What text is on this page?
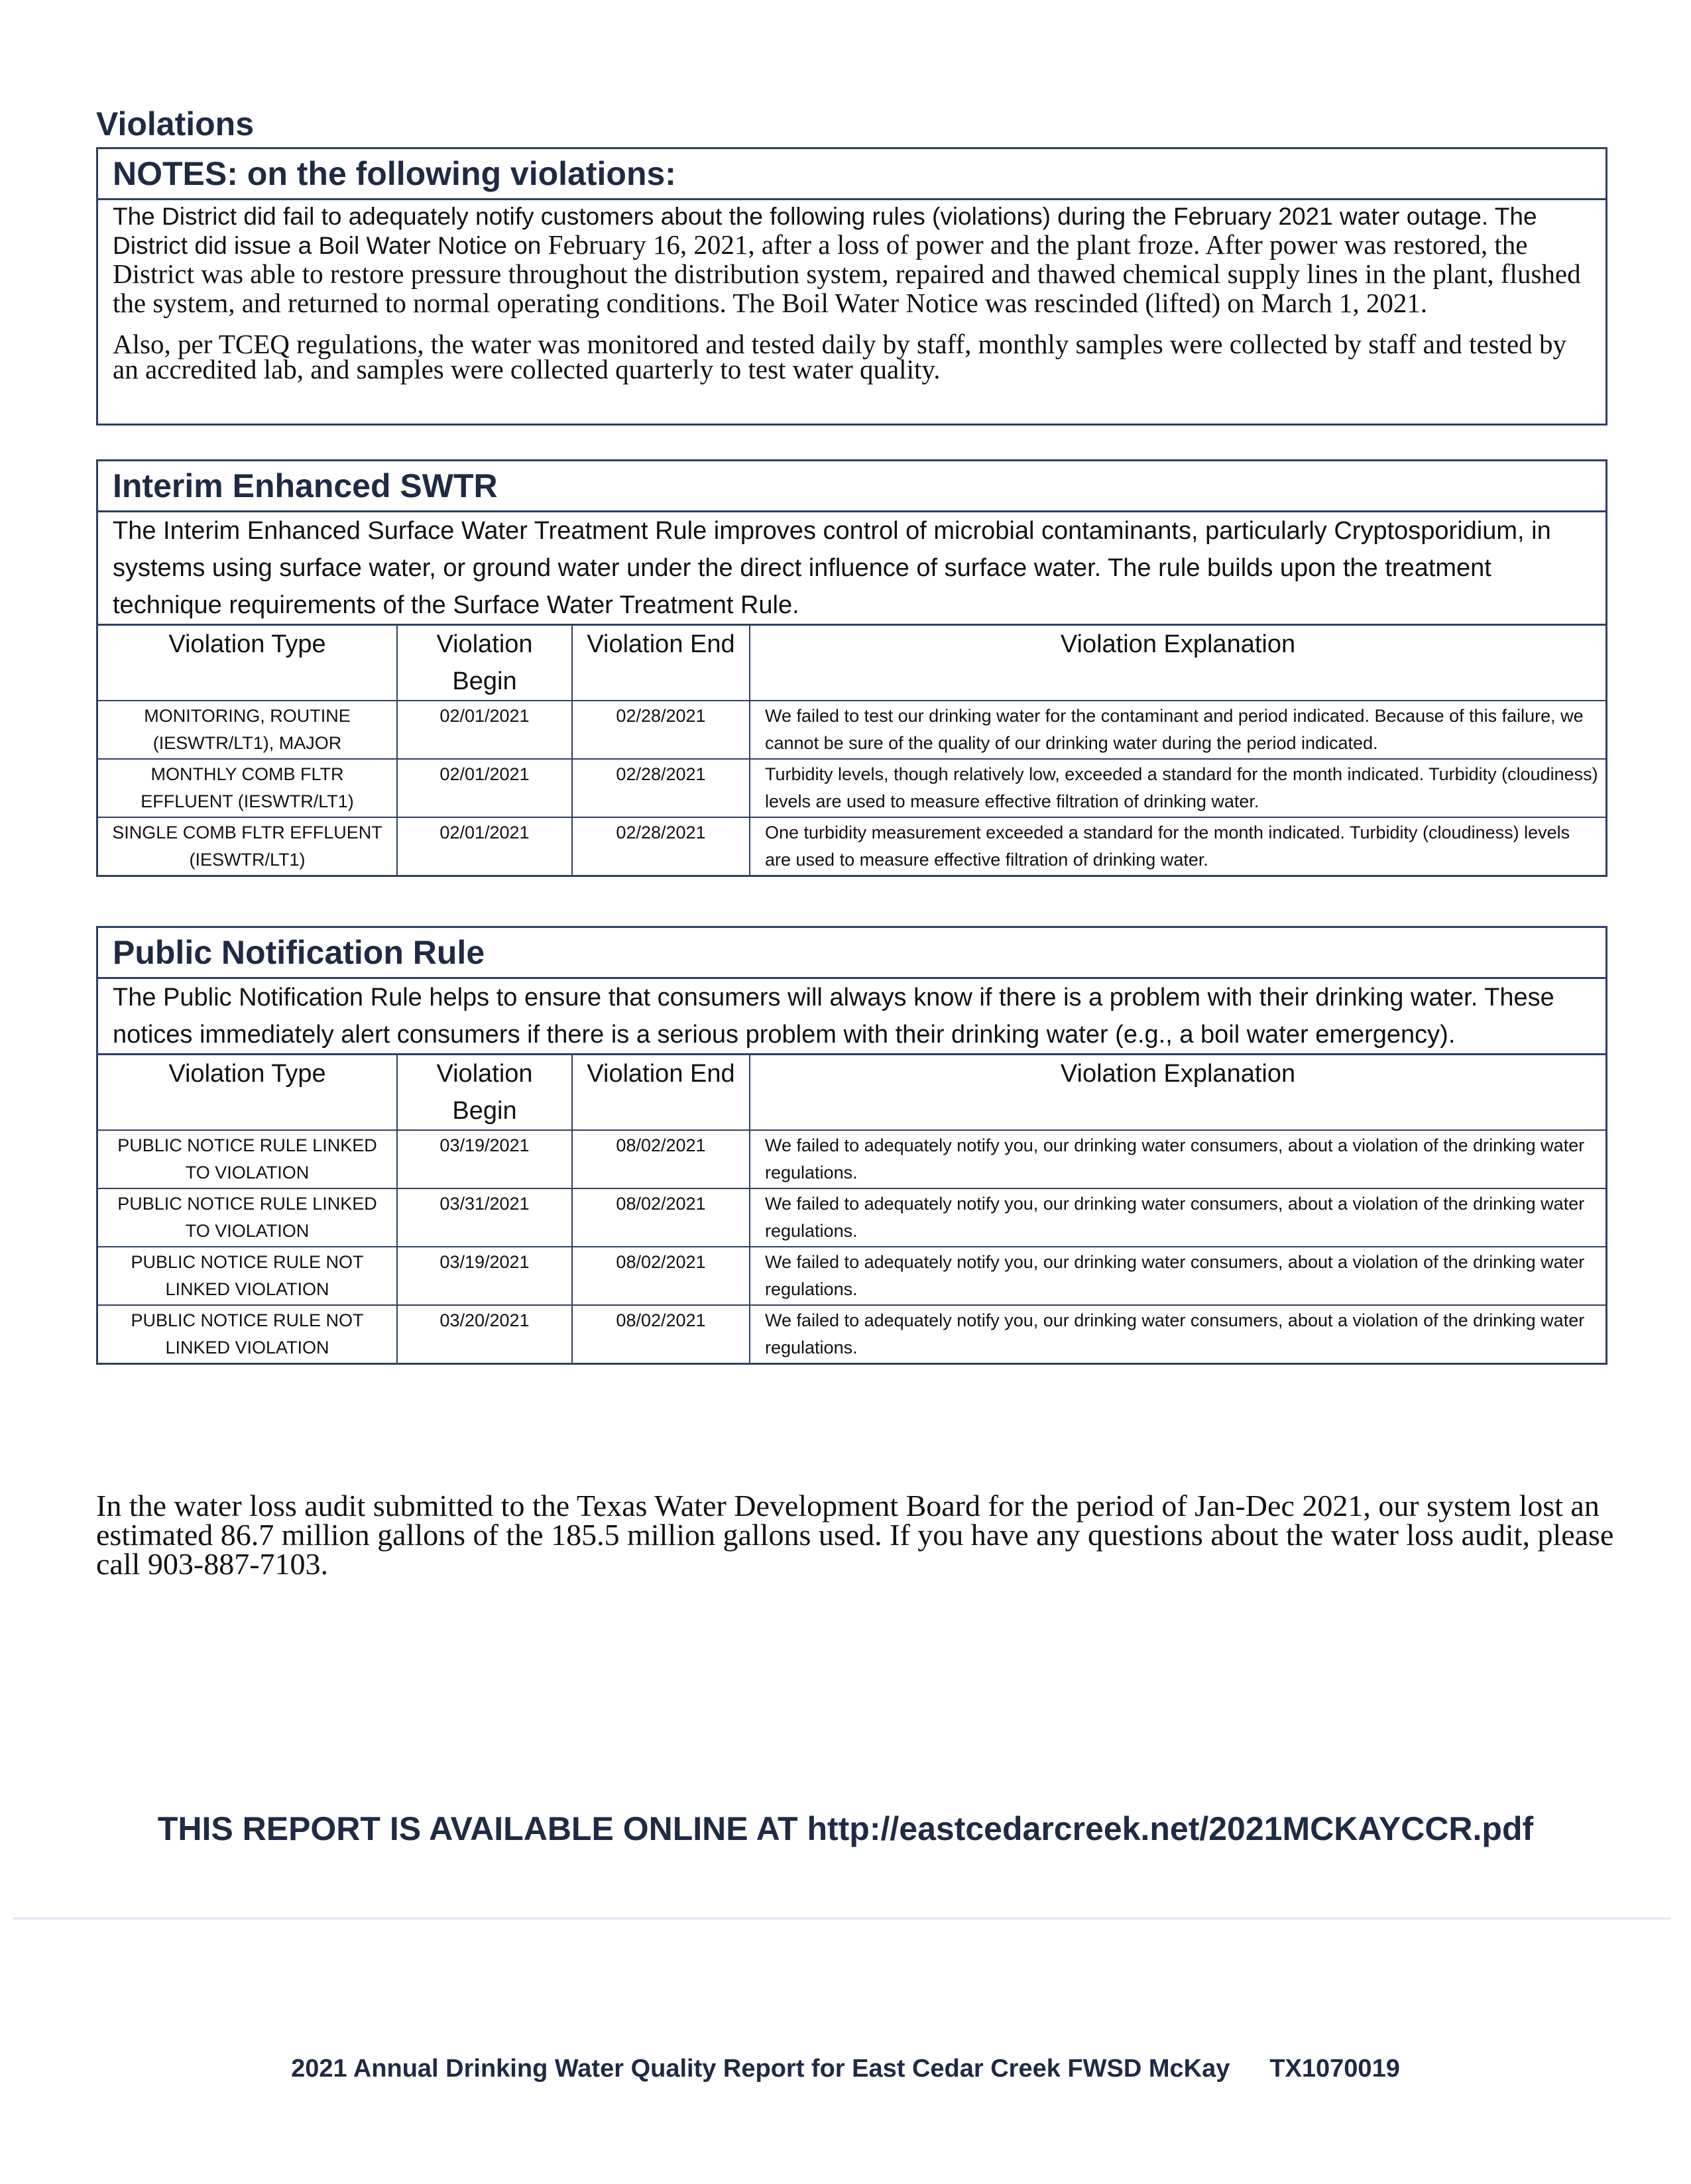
Violations
NOTES: on the following violations:

The District did fail to adequately notify customers about the following rules (violations) during the February 2021 water outage. The District did issue a Boil Water Notice on February 16, 2021, after a loss of power and the plant froze. After power was restored, the District was able to restore pressure throughout the distribution system, repaired and thawed chemical supply lines in the plant, flushed the system, and returned to normal operating conditions. The Boil Water Notice was rescinded (lifted) on March 1, 2021.

Also, per TCEQ regulations, the water was monitored and tested daily by staff, monthly samples were collected by staff and tested by an accredited lab, and samples were collected quarterly to test water quality.

Interim Enhanced SWTR

The Interim Enhanced Surface Water Treatment Rule improves control of microbial contaminants, particularly Cryptosporidium, in systems using surface water, or ground water under the direct influence of surface water. The rule builds upon the treatment technique requirements of the Surface Water Treatment Rule.

Violation Type	Violation Begin	Violation End	Violation Explanation
MONITORING, ROUTINE (IESWTR/LT1), MAJOR	02/01/2021	02/28/2021	We failed to test our drinking water for the contaminant and period indicated. Because of this failure, we cannot be sure of the quality of our drinking water during the period indicated.
MONTHLY COMB FLTR EFFLUENT (IESWTR/LT1)	02/01/2021	02/28/2021	Turbidity levels, though relatively low, exceeded a standard for the month indicated. Turbidity (cloudiness) levels are used to measure effective filtration of drinking water.
SINGLE COMB FLTR EFFLUENT (IESWTR/LT1)	02/01/2021	02/28/2021	One turbidity measurement exceeded a standard for the month indicated. Turbidity (cloudiness) levels are used to measure effective filtration of drinking water.
Public Notification Rule

The Public Notification Rule helps to ensure that consumers will always know if there is a problem with their drinking water. These notices immediately alert consumers if there is a serious problem with their drinking water (e.g., a boil water emergency).

Violation Type	Violation Begin	Violation End	Violation Explanation
PUBLIC NOTICE RULE LINKED TO VIOLATION	03/19/2021	08/02/2021	We failed to adequately notify you, our drinking water consumers, about a violation of the drinking water regulations.
PUBLIC NOTICE RULE LINKED TO VIOLATION	03/31/2021	08/02/2021	We failed to adequately notify you, our drinking water consumers, about a violation of the drinking water regulations.
PUBLIC NOTICE RULE NOT LINKED VIOLATION	03/19/2021	08/02/2021	We failed to adequately notify you, our drinking water consumers, about a violation of the drinking water regulations.
PUBLIC NOTICE RULE NOT LINKED VIOLATION	03/20/2021	08/02/2021	We failed to adequately notify you, our drinking water consumers, about a violation of the drinking water regulations.
In the water loss audit submitted to the Texas Water Development Board for the period of Jan-Dec 2021, our system lost an estimated 86.7 million gallons of the 185.5 million gallons used. If you have any questions about the water loss audit, please call 903-887-7103.
THIS REPORT IS AVAILABLE ONLINE AT http://eastcedarcreek.net/2021MCKAYCCR.pdf
2021 Annual Drinking Water Quality Report for East Cedar Creek FWSD McKay TX1070019
